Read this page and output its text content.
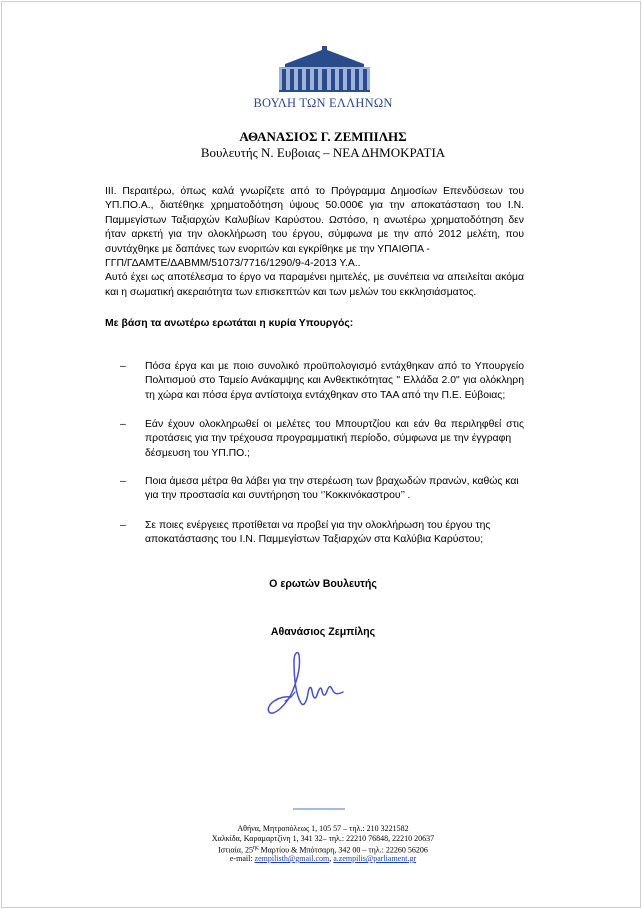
ΒΟΥΛΗ ΤΩΝ ΕΛΛΗΝΩΝ
ΑΘΑΝΑΣΙΟΣ Γ. ΖΕΜΠΙΛΗΣ
Βουλευτής Ν. Ευβοιας – ΝΕΑ ΔΗΜΟΚΡΑΤΙΑ
ΙΙΙ. Περαιτέρω, όπως καλά γνωρίζετε από το Πρόγραμμα Δημοσίων Επενδύσεων του ΥΠ.ΠΟ.Α., διατέθηκε χρηματοδότηση ύψους 50.000€ για την αποκατάσταση του Ι.Ν. Παμμεγίστων Ταξιαρχών Καλυβίων Καρύστου. Ωστόσο, η ανωτέρω χρηματοδότηση δεν ήταν αρκετή για την ολοκλήρωση του έργου, σύμφωνα με την από 2012 μελέτη, που συντάχθηκε με δαπάνες των ενοριτών και εγκρίθηκε με την ΥΠΑΙΘΠΑ -
ΓΓΠ/ΓΔΑΜΤΕ/ΔΑΒΜΜ/51073/7716/1290/9-4-2013 Υ.Α..
Αυτό έχει ως αποτέλεσμα το έργο να παραμένει ημιτελές, με συνέπεια να απειλείται ακόμα και η σωματική ακεραιότητα των επισκεπτών και των μελών του εκκλησιάσματος.
Με βάση τα ανωτέρω ερωτάται η κυρία Υπουργός:
– Πόσα έργα και με ποιο συνολικό προϋπολογισμό εντάχθηκαν από το Υπουργείο Πολιτισμού στο Ταμείο Ανάκαμψης και Ανθεκτικότητας " Ελλάδα 2.0" για ολόκληρη τη χώρα και πόσα έργα αντίστοιχα εντάχθηκαν στο ΤΑΑ από την Π.Ε. Εύβοιας;
– Εάν έχουν ολοκληρωθεί οι μελέτες του Μπουρτζίου και εάν θα περιληφθεί στις προτάσεις για την τρέχουσα προγραμματική περίοδο, σύμφωνα με την έγγραφη
δέσμευση του ΥΠ.ΠΟ.;
– Ποια άμεσα μέτρα θα λάβει για την στερέωση των βραχωδών πρανών, καθώς και
για την προστασία και συντήρηση του ‘’Κοκκινόκαστρου’’ .
– Σε ποιες ενέργειες προτίθεται να προβεί για την ολοκλήρωση του έργου της
αποκατάστασης του Ι.Ν. Παμμεγίστων Ταξιαρχών στα Καλύβια Καρύστου;
Ο ερωτών Βουλευτής
Αθανάσιος Ζεμπίλης
Αθήνα, Μητροπόλεως 1, 105 57 – τηλ.: 210 3221582
Χαλκίδα, Καραμαρτζίνη 1, 341 32– τηλ.: 22210 76848, 22210 20637
Ιστιαία, $25^{\eta\varsigma}$ Μαρτίου & Μπότσαρη, 342 00 – τηλ.: 22260 56206
e-mail: zempilisth@gmail.com, a.zempilis@parliament.gr
